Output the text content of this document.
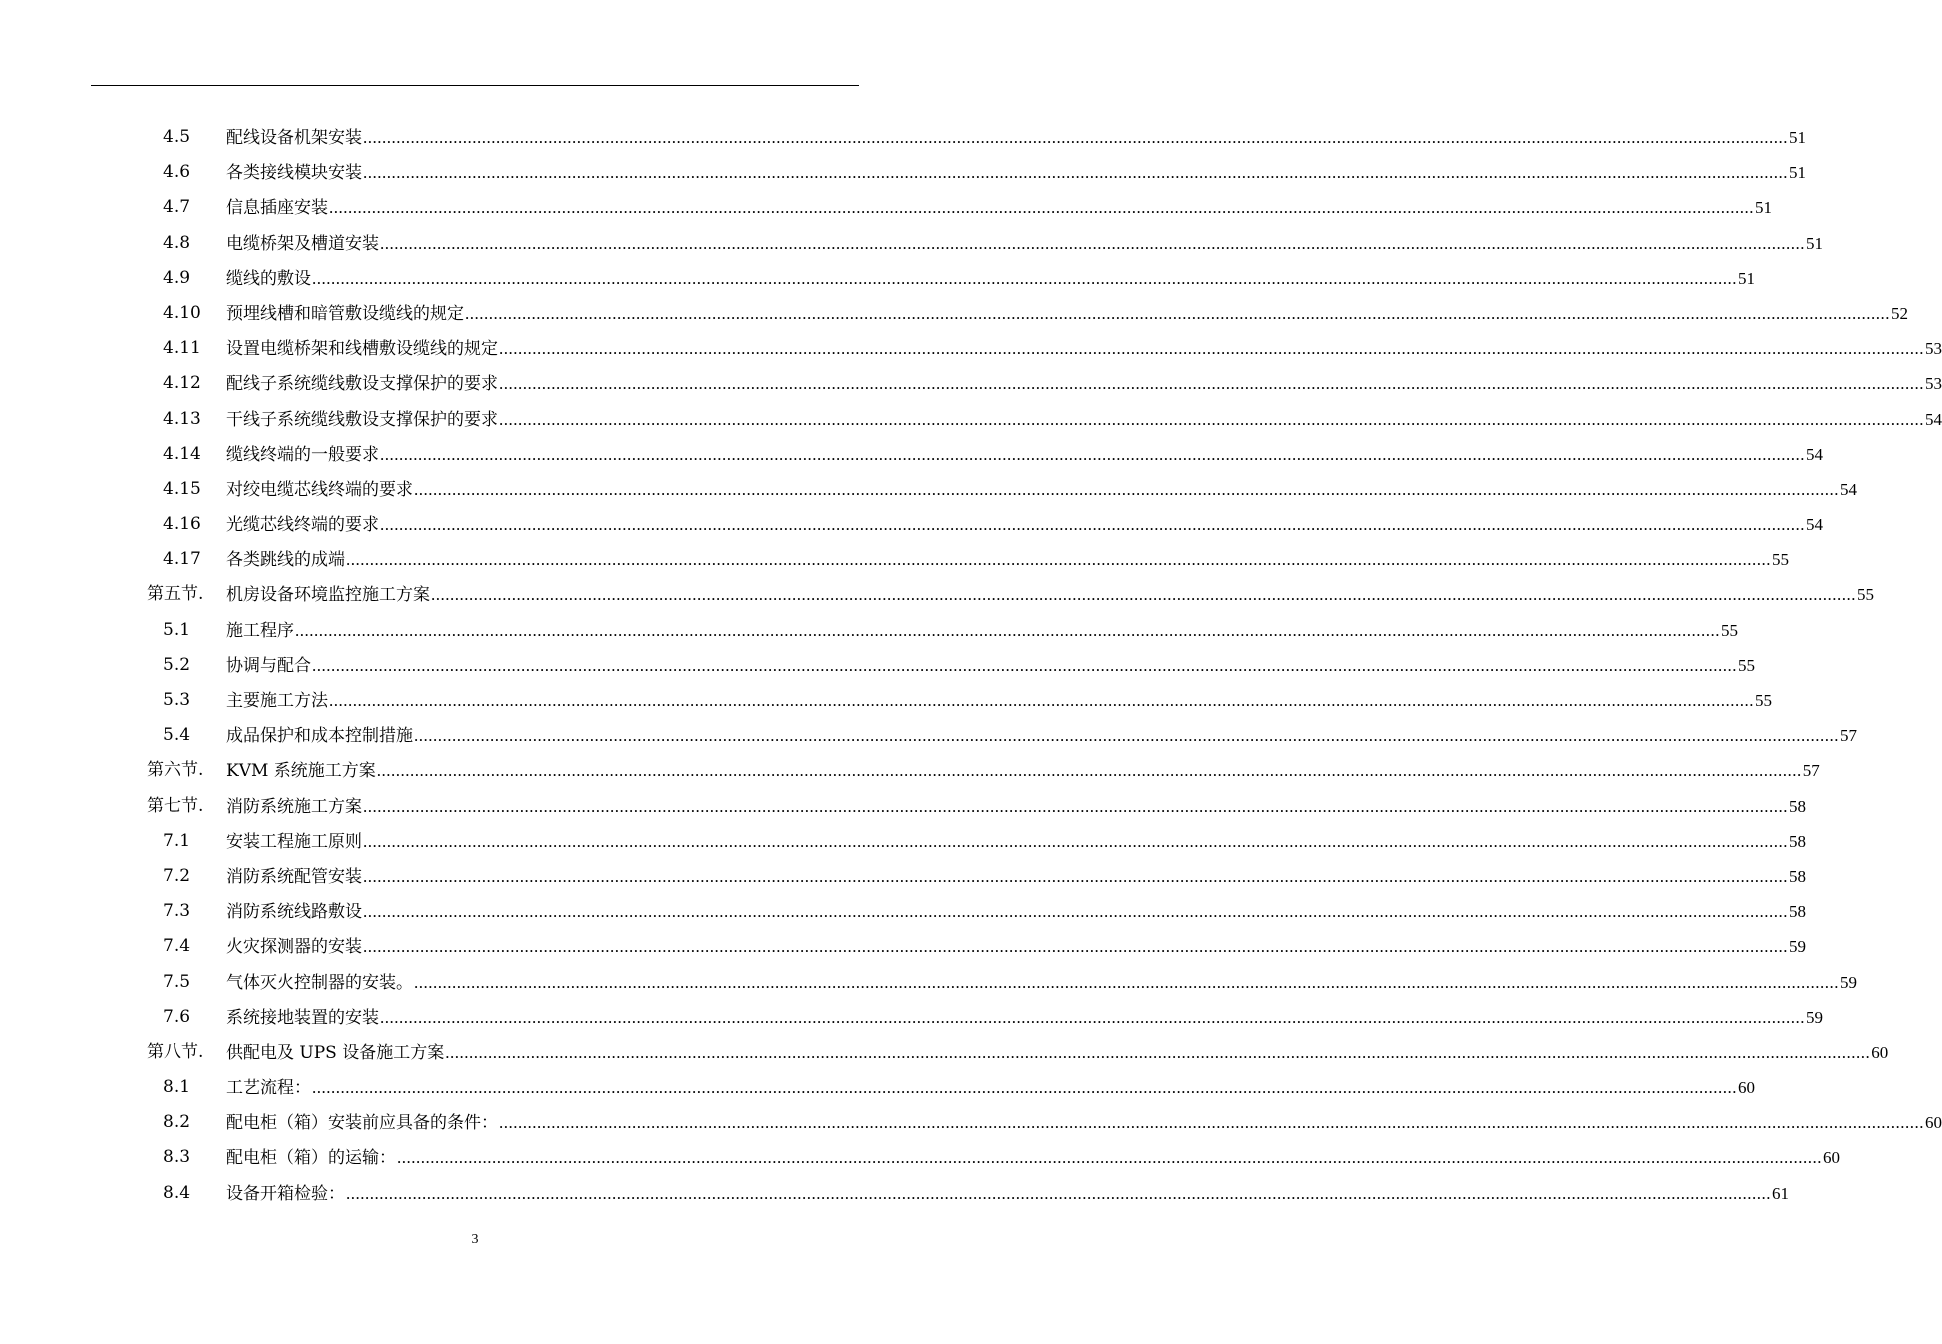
4.5 配线设备机架安装 ............................................................................................................................................................................................................................................................................................................ 51
4.6 各类接线模块安装 ............................................................................................................................................................................................................................................................................................................ 51
4.7 信息插座安装 ............................................................................................................................................................................................................................................................................................................ 51
4.8 电缆桥架及槽道安装 ............................................................................................................................................................................................................................................................................................................ 51
4.9 缆线的敷设 ............................................................................................................................................................................................................................................................................................................ 51
4.10 预埋线槽和暗管敷设缆线的规定 ............................................................................................................................................................................................................................................................................................................ 52
4.11 设置电缆桥架和线槽敷设缆线的规定 ............................................................................................................................................................................................................................................................................................................ 53
4.12 配线子系统缆线敷设支撑保护的要求 ............................................................................................................................................................................................................................................................................................................ 53
4.13 干线子系统缆线敷设支撑保护的要求 ............................................................................................................................................................................................................................................................................................................ 54
4.14 缆线终端的一般要求 ............................................................................................................................................................................................................................................................................................................ 54
4.15 对绞电缆芯线终端的要求 ............................................................................................................................................................................................................................................................................................................ 54
4.16 光缆芯线终端的要求 ............................................................................................................................................................................................................................................................................................................ 54
4.17 各类跳线的成端 ............................................................................................................................................................................................................................................................................................................ 55
第五节. 机房设备环境监控施工方案 ............................................................................................................................................................................................................................................................................................................ 55
5.1 施工程序 ............................................................................................................................................................................................................................................................................................................ 55
5.2 协调与配合 ............................................................................................................................................................................................................................................................................................................ 55
5.3 主要施工方法 ............................................................................................................................................................................................................................................................................................................ 55
5.4 成品保护和成本控制措施 ............................................................................................................................................................................................................................................................................................................ 57
第六节. KVM 系统施工方案 ............................................................................................................................................................................................................................................................................................................ 57
第七节. 消防系统施工方案 ............................................................................................................................................................................................................................................................................................................ 58
7.1 安装工程施工原则 ............................................................................................................................................................................................................................................................................................................ 58
7.2 消防系统配管安装 ............................................................................................................................................................................................................................................................................................................ 58
7.3 消防系统线路敷设 ............................................................................................................................................................................................................................................................................................................ 58
7.4 火灾探测器的安装 ............................................................................................................................................................................................................................................................................................................ 59
7.5 气体灭火控制器的安装。 ............................................................................................................................................................................................................................................................................................................ 59
7.6 系统接地装置的安装 ............................................................................................................................................................................................................................................................................................................ 59
第八节. 供配电及 UPS 设备施工方案 ............................................................................................................................................................................................................................................................................................................ 60
8.1 工艺流程： ............................................................................................................................................................................................................................................................................................................ 60
8.2 配电柜（箱）安装前应具备的条件： ............................................................................................................................................................................................................................................................................................................ 60
8.3 配电柜（箱）的运输： ............................................................................................................................................................................................................................................................................................................ 60
8.4 设备开箱检验： ............................................................................................................................................................................................................................................................................................................ 61
3
